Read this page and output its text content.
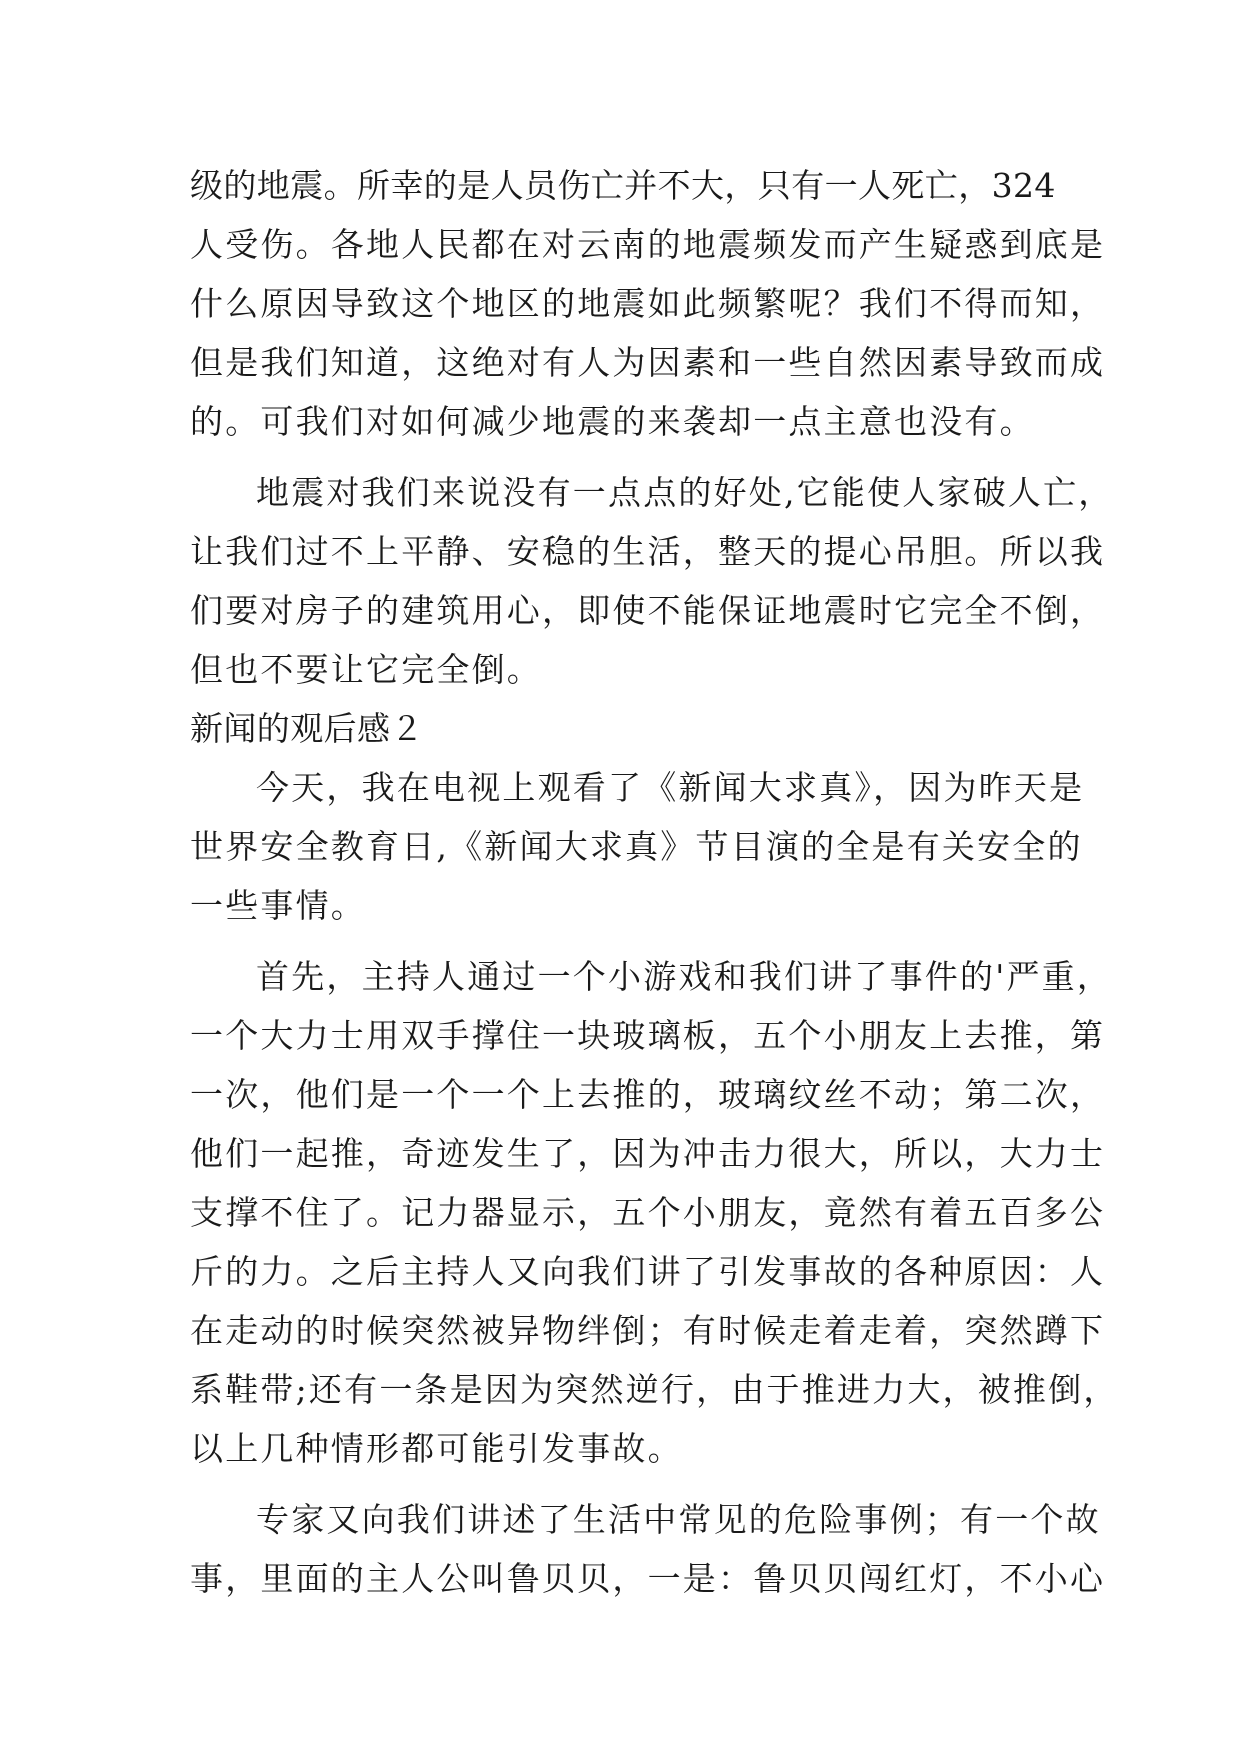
级的地震。所幸的是人员伤亡并不大，只有一人死亡，324
人受伤。各地人民都在对云南的地震频发而产生疑惑到底是
什么原因导致这个地区的地震如此频繁呢？我们不得而知，
但是我们知道，这绝对有人为因素和一些自然因素导致而成
的。可我们对如何减少地震的来袭却一点主意也没有。
地震对我们来说没有一点点的好处,它能使人家破人亡，
让我们过不上平静、安稳的生活，整天的提心吊胆。所以我
们要对房子的建筑用心，即使不能保证地震时它完全不倒，
但也不要让它完全倒。
新闻的观后感２
今天，我在电视上观看了《新闻大求真》，因为昨天是
世界安全教育日,《新闻大求真》节目演的全是有关安全的
一些事情。
首先，主持人通过一个小游戏和我们讲了事件的'严重，
一个大力士用双手撑住一块玻璃板，五个小朋友上去推，第
一次，他们是一个一个上去推的，玻璃纹丝不动；第二次，
他们一起推，奇迹发生了，因为冲击力很大，所以，大力士
支撑不住了。记力器显示，五个小朋友，竟然有着五百多公
斤的力。之后主持人又向我们讲了引发事故的各种原因：人
在走动的时候突然被异物绊倒；有时候走着走着，突然蹲下
系鞋带;还有一条是因为突然逆行，由于推进力大，被推倒，
以上几种情形都可能引发事故。
专家又向我们讲述了生活中常见的危险事例；有一个故
事，里面的主人公叫鲁贝贝，一是：鲁贝贝闯红灯，不小心
